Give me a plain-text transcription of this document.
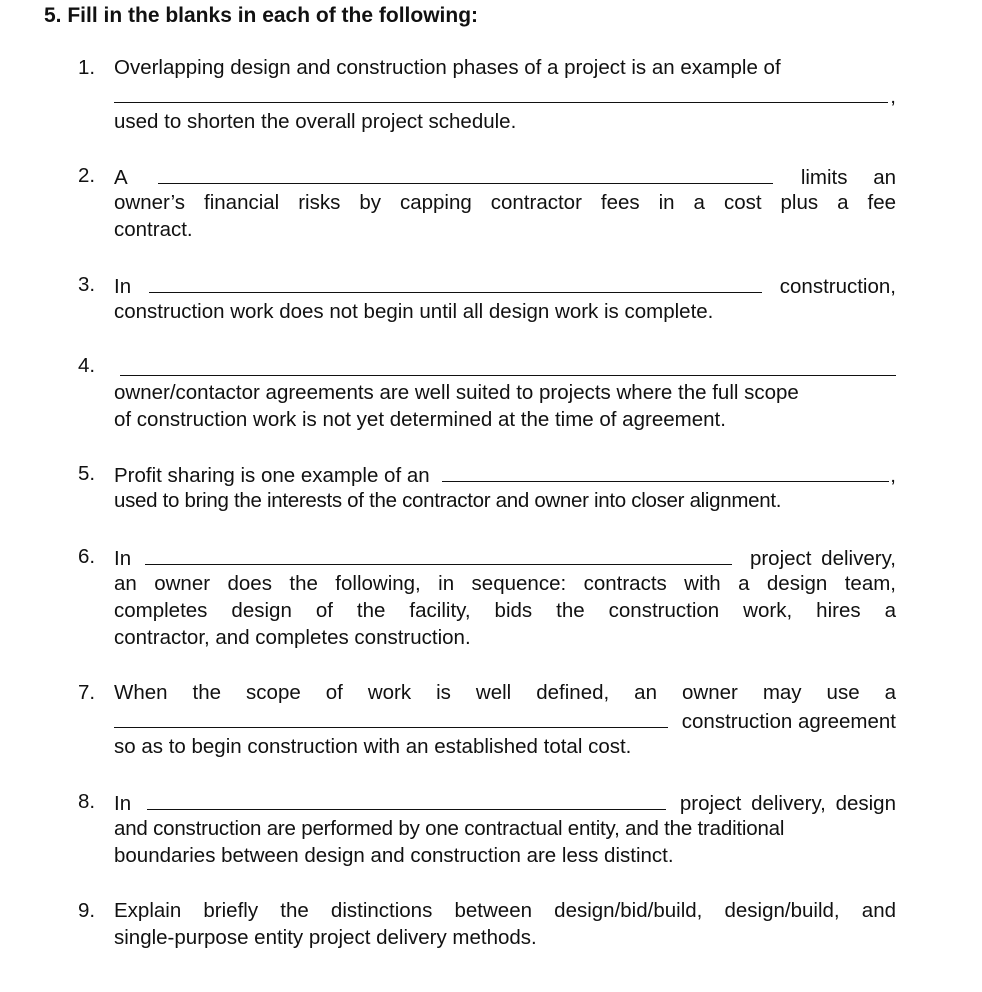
5. Fill in the blanks in each of the following:
1. Overlapping design and construction phases of a project is an example of
,
used to shorten the overall project schedule.
2. A	limits an
owner’s financial risks by capping contractor fees in a cost plus a fee
contract.
3. In	construction,
construction work does not begin until all design work is complete.
4.
owner/contactor agreements are well suited to projects where the full scope
of construction work is not yet determined at the time of agreement.
5. Profit sharing is one example of an	,
used to bring the interests of the contractor and owner into closer alignment.
6. In	project delivery,
an owner does the following, in sequence: contracts with a design team,
completes design of the facility, bids the construction work, hires a
contractor, and completes construction.
7. When the scope of work is well defined, an owner may use a
construction agreement
so as to begin construction with an established total cost.
8. In	project delivery, design
and construction are performed by one contractual entity, and the traditional
boundaries between design and construction are less distinct.
9. Explain briefly the distinctions between design/bid/build, design/build, and
single-purpose entity project delivery methods.
